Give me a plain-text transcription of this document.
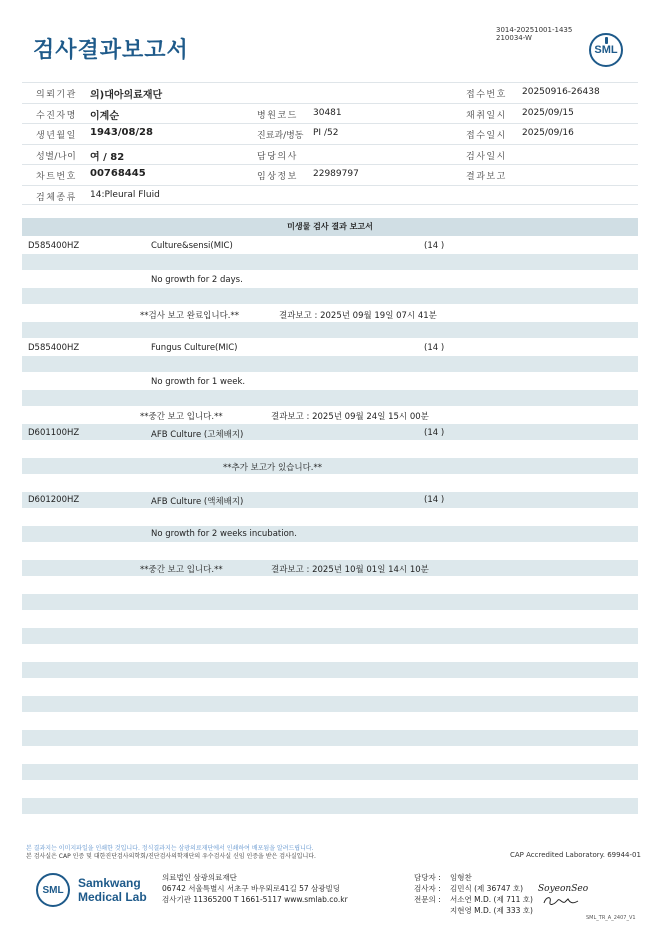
검사결과보고서
3014-20251001-1435
210034-W
SML
의뢰기관 의)대아의료재단	접수번호 20250916-26438
수진자명 이계순	병원코드 30481	채취일시 2025/09/15
생년월일 1943/08/28	진료과/병동 PI /52	접수일시 2025/09/16
성별/나이 여 / 82	담당의사	검사일시
차트번호 00768445	임상정보 22989797	결과보고
검체종류 14:Pleural Fluid
미생물 검사 결과 보고서
D585400HZ	Culture&sensi(MIC)	(14 )
No growth for 2 days.
**검사 보고 완료입니다.**	결과보고 : 2025년 09월 19일 07시 41분
D585400HZ	Fungus Culture(MIC)	(14 )
No growth for 1 week.
**중간 보고 입니다.**	결과보고 : 2025년 09월 24일 15시 00분
D601100HZ	AFB Culture (고체배지)	(14 )
**추가 보고가 있습니다.**
D601200HZ	AFB Culture (액체배지)	(14 )
No growth for 2 weeks incubation.
**중간 보고 입니다.**	결과보고 : 2025년 10월 01일 14시 10분
본 결과지는 이미지파일을 인쇄한 것입니다. 정식결과지는 삼광의료재단에서 인쇄하여 배포됨을 알려드립니다.
본 검사실은 CAP 인증 및 대한진단검사의학회/진단검사의학재단의 우수검사실 신임 인증을 받은 검사실입니다.	CAP Accredited Laboratory. 69944-01
SML	Samkwang
Medical Lab
의료법인 삼광의료재단
06742 서울특별시 서초구 바우뫼로41길 57 삼광빌딩
검사기관 11365200 T 1661-5117 www.smlab.co.kr
담당자 : 임형찬
검사자 : 김민식 (제 36747 호)
전문의 : 서소연 M.D. (제 711 호)
지현영 M.D. (제 333 호)
SoyeonSeo
SML_TR_A_2407_V1
